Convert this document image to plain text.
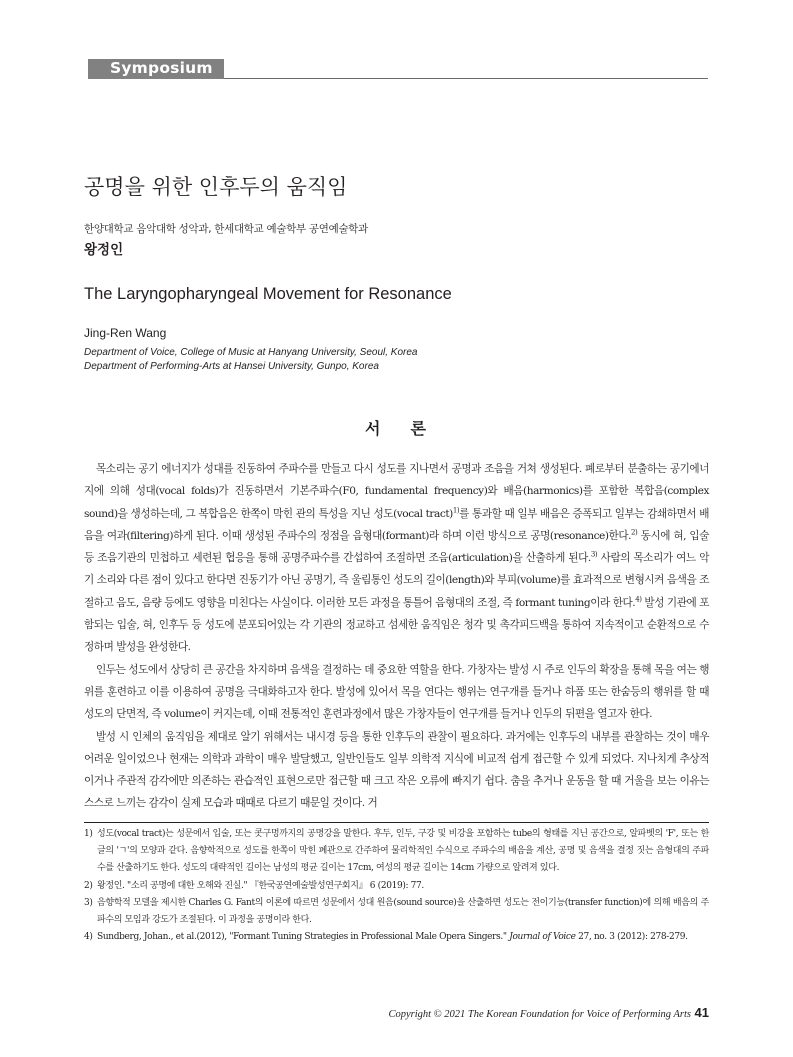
Symposium
공명을 위한 인후두의 움직임
한양대학교 음악대학 성악과, 한세대학교 예술학부 공연예술학과
왕정인
The Laryngopharyngeal Movement for Resonance
Jing-Ren Wang
Department of Voice, College of Music at Hanyang University, Seoul, Korea
Department of Performing-Arts at Hansei University, Gunpo, Korea
서론

목소리는 공기 에너지가 성대를 진동하여 주파수를 만들고 다시 성도를 지나면서 공명과 조음을 거쳐 생성된다. 폐로부터 분출하는 공기에너지에 의해 성대(vocal folds)가 진동하면서 기본주파수(F0, fundamental frequency)와 배음(harmonics)를 포함한 복합음(complex sound)을 생성하는데, 그 복합음은 한쪽이 막힌 관의 특성을 지닌 성도(vocal tract)$^{1)}$를 통과할 때 일부 배음은 증폭되고 일부는 감쇄하면서 배음을 여과(filtering)하게 된다. 이때 생성된 주파수의 정점을 음형대(formant)라 하며 이런 방식으로 공명(resonance)한다.$^{2)}$ 동시에 혀, 입술 등 조음기관의 민첩하고 세련된 협응을 통해 공명주파수를 간섭하여 조절하면 조음(articulation)을 산출하게 된다.$^{3)}$ 사람의 목소리가 여느 악기 소리와 다른 점이 있다고 한다면 진동기가 아닌 공명기, 즉 울림통인 성도의 길이(length)와 부피(volume)를 효과적으로 변형시켜 음색을 조절하고 음도, 음량 등에도 영향을 미친다는 사실이다. 이러한 모든 과정을 통틀어 음형대의 조절, 즉 formant tuning이라 한다.$^{4)}$ 발성 기관에 포함되는 입술, 혀, 인후두 등 성도에 분포되어있는 각 기관의 정교하고 섬세한 움직임은 청각 및 촉각피드백을 통하여 지속적이고 순환적으로 수정하며 발성을 완성한다.

인두는 성도에서 상당히 큰 공간을 차지하며 음색을 결정하는 데 중요한 역할을 한다. 가창자는 발성 시 주로 인두의 확장을 통해 목을 여는 행위를 훈련하고 이를 이용하여 공명을 극대화하고자 한다. 발성에 있어서 목을 연다는 행위는 연구개를 들거나 하품 또는 한숨등의 행위를 할 때 성도의 단면적, 즉 volume이 커지는데, 이때 전통적인 훈련과정에서 많은 가창자들이 연구개를 들거나 인두의 뒤편을 열고자 한다.

발성 시 인체의 움직임을 제대로 알기 위해서는 내시경 등을 통한 인후두의 관찰이 필요하다. 과거에는 인후두의 내부를 관찰하는 것이 매우 어려운 일이었으나 현재는 의학과 과학이 매우 발달했고, 일반인들도 일부 의학적 지식에 비교적 쉽게 접근할 수 있게 되었다. 지나치게 추상적이거나 주관적 감각에만 의존하는 관습적인 표현으로만 접근할 때 크고 작은 오류에 빠지기 쉽다. 춤을 추거나 운동을 할 때 거울을 보는 이유는 스스로 느끼는 감각이 실제 모습과 때때로 다르기 때문일 것이다. 거

1) 성도(vocal tract)는 성문에서 입술, 또는 콧구멍까지의 공명강을 말한다. 후두, 인두, 구강 및 비강을 포함하는 tube의 형태를 지닌 공간으로, 알파벳의 'F', 또는 한글의 'ㄱ'의 모양과 같다. 음향학적으로 성도를 한쪽이 막힌 폐관으로 간주하여 물리학적인 수식으로 주파수의 배음을 계산, 공명 및 음색을 결정 짓는 음형대의 주파수를 산출하기도 한다. 성도의 대략적인 길이는 남성의 평균 길이는 17cm, 여성의 평균 길이는 14cm 가량으로 알려져 있다.
2) 왕정인. "소리 공명에 대한 오해와 진실." 『한국공연예술발성연구회지』 6 (2019): 77.
3) 음향학적 모델을 제시한 Charles G. Fant의 이론에 따르면 성문에서 성대 원음(sound source)을 산출하면 성도는 전이기능(transfer function)에 의해 배음의 주파수의 모임과 강도가 조절된다. 이 과정을 공명이라 한다.
4) Sundberg, Johan., et al.(2012), "Formant Tuning Strategies in Professional Male Opera Singers." Journal of Voice 27, no. 3 (2012): 278-279.
Copyright © 2021 The Korean Foundation for Voice of Performing Arts 41
